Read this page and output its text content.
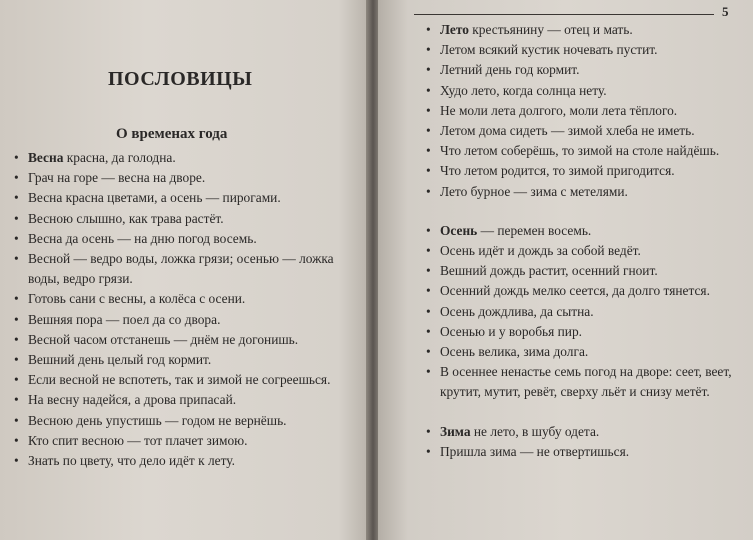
ПОСЛОВИЦЫ
О временах года
• Весна красна, да голодна.
• Грач на горе — весна на дворе.
• Весна красна цветами, а осень — пирогами.
• Весною слышно, как трава растёт.
• Весна да осень — на дню погод восемь.
• Весной — ведро воды, ложка грязи; осенью — ложка воды, ведро грязи.
• Готовь сани с весны, а колёса с осени.
• Вешняя пора — поел да со двора.
• Весной часом отстанешь — днём не догонишь.
• Вешний день целый год кормит.
• Если весной не вспотеть, так и зимой не согреешься.
• На весну надейся, а дрова припасай.
• Весною день упустишь — годом не вернёшь.
• Кто спит весною — тот плачет зимою.
• Знать по цвету, что дело идёт к лету.
5
• Лето крестьянину — отец и мать.
• Летом всякий кустик ночевать пустит.
• Летний день год кормит.
• Худо лето, когда солнца нету.
• Не моли лета долгого, моли лета тёплого.
• Летом дома сидеть — зимой хлеба не иметь.
• Что летом соберёшь, то зимой на столе найдёшь.
• Что летом родится, то зимой пригодится.
• Лето бурное — зима с метелями.
• Осень — перемен восемь.
• Осень идёт и дождь за собой ведёт.
• Вешний дождь растит, осенний гноит.
• Осенний дождь мелко сеется, да долго тянется.
• Осень дождлива, да сытна.
• Осенью и у воробья пир.
• Осень велика, зима долга.
• В осеннее ненастье семь погод на дворе: сеет, веет, крутит, мутит, ревёт, сверху льёт и снизу метёт.
• Зима не лето, в шубу одета.
• Пришла зима — не отвертишься.
